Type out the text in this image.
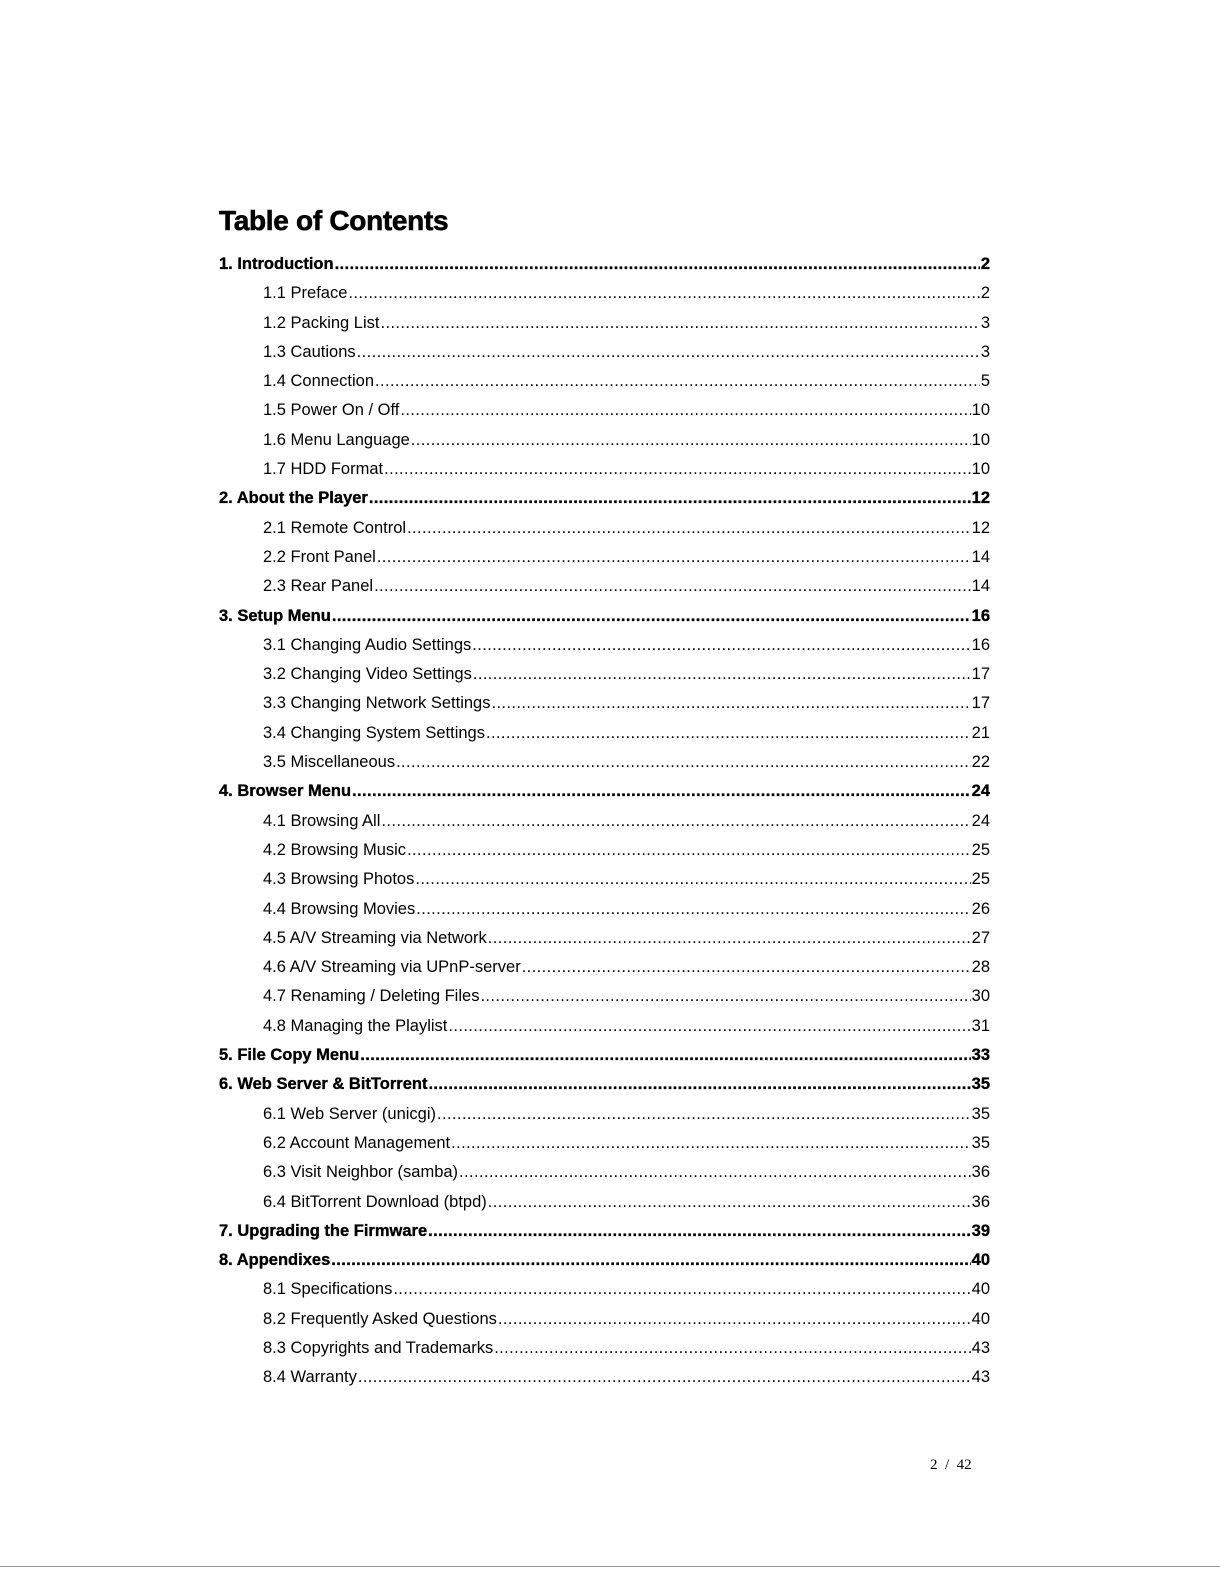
Table of Contents
1. Introduction .....	2
1.1 Preface .....	2
1.2 Packing List .....	3
1.3 Cautions .....	3
1.4 Connection .....	5
1.5 Power On / Off .....	10
1.6 Menu Language .....	10
1.7 HDD Format .....	10
2. About the Player .....	12
2.1 Remote Control .....	12
2.2 Front Panel .....	14
2.3 Rear Panel .....	14
3. Setup Menu .....	16
3.1 Changing Audio Settings .....	16
3.2 Changing Video Settings .....	17
3.3 Changing Network Settings .....	17
3.4 Changing System Settings .....	21
3.5 Miscellaneous .....	22
4. Browser Menu .....	24
4.1 Browsing All .....	24
4.2 Browsing Music .....	25
4.3 Browsing Photos .....	25
4.4 Browsing Movies .....	26
4.5 A/V Streaming via Network .....	27
4.6 A/V Streaming via UPnP-server .....	28
4.7 Renaming / Deleting Files .....	30
4.8 Managing the Playlist .....	31
5. File Copy Menu .....	33
6. Web Server & BitTorrent .....	35
6.1 Web Server (unicgi) .....	35
6.2 Account Management .....	35
6.3 Visit Neighbor (samba) .....	36
6.4 BitTorrent Download (btpd) .....	36
7. Upgrading the Firmware .....	39
8. Appendixes .....	40
8.1 Specifications .....	40
8.2 Frequently Asked Questions .....	40
8.3 Copyrights and Trademarks .....	43
8.4 Warranty .....	43
2  /  42
